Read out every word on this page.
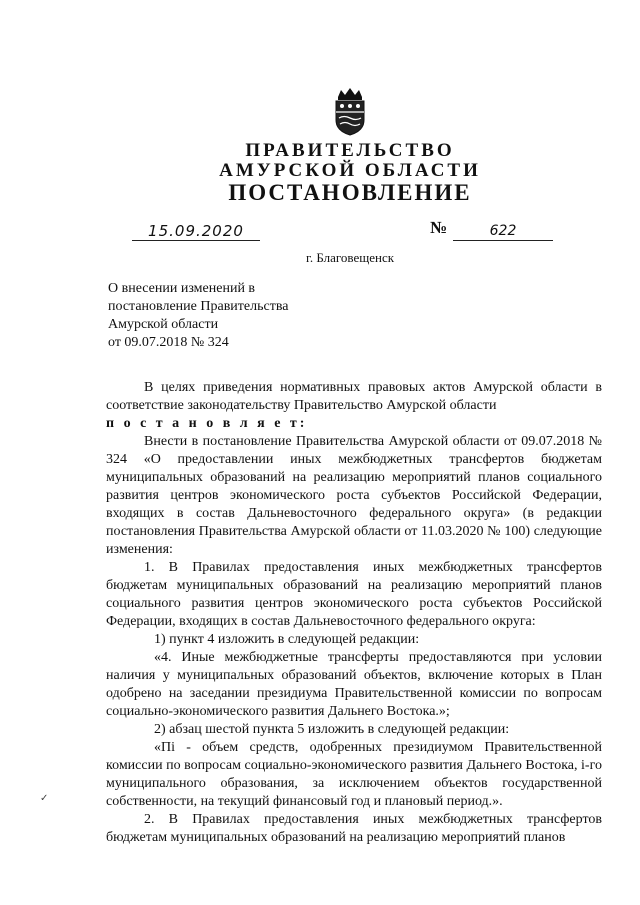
ПРАВИТЕЛЬСТВО
АМУРСКОЙ ОБЛАСТИ
ПОСТАНОВЛЕНИЕ
15.09.2020	№	622
г. Благовещенск
О внесении изменений в
постановление Правительства
Амурской области
от 09.07.2018 № 324

В целях приведения нормативных правовых актов Амурской области в соответствие законодательству Правительство Амурской области

п о с т а н о в л я е т:

Внести в постановление Правительства Амурской области от 09.07.2018 № 324 «О предоставлении иных межбюджетных трансфертов бюджетам муниципальных образований на реализацию мероприятий планов социального развития центров экономического роста субъектов Российской Федерации, входящих в состав Дальневосточного федерального округа» (в редакции постановления Правительства Амурской области от 11.03.2020 № 100) следующие изменения:

1. В Правилах предоставления иных межбюджетных трансфертов бюджетам муниципальных образований на реализацию мероприятий планов социального развития центров экономического роста субъектов Российской Федерации, входящих в состав Дальневосточного федерального округа:

1) пункт 4 изложить в следующей редакции:

«4. Иные межбюджетные трансферты предоставляются при условии наличия у муниципальных образований объектов, включение которых в План одобрено на заседании президиума Правительственной комиссии по вопросам социально-экономического развития Дальнего Востока.»;

2) абзац шестой пункта 5 изложить в следующей редакции:

«Пi - объем средств, одобренных президиумом Правительственной комиссии по вопросам социально-экономического развития Дальнего Востока, i-го муниципального образования, за исключением объектов государственной собственности, на текущий финансовый год и плановый период.».

2. В Правилах предоставления иных межбюджетных трансфертов бюджетам муниципальных образований на реализацию мероприятий планов

✓
